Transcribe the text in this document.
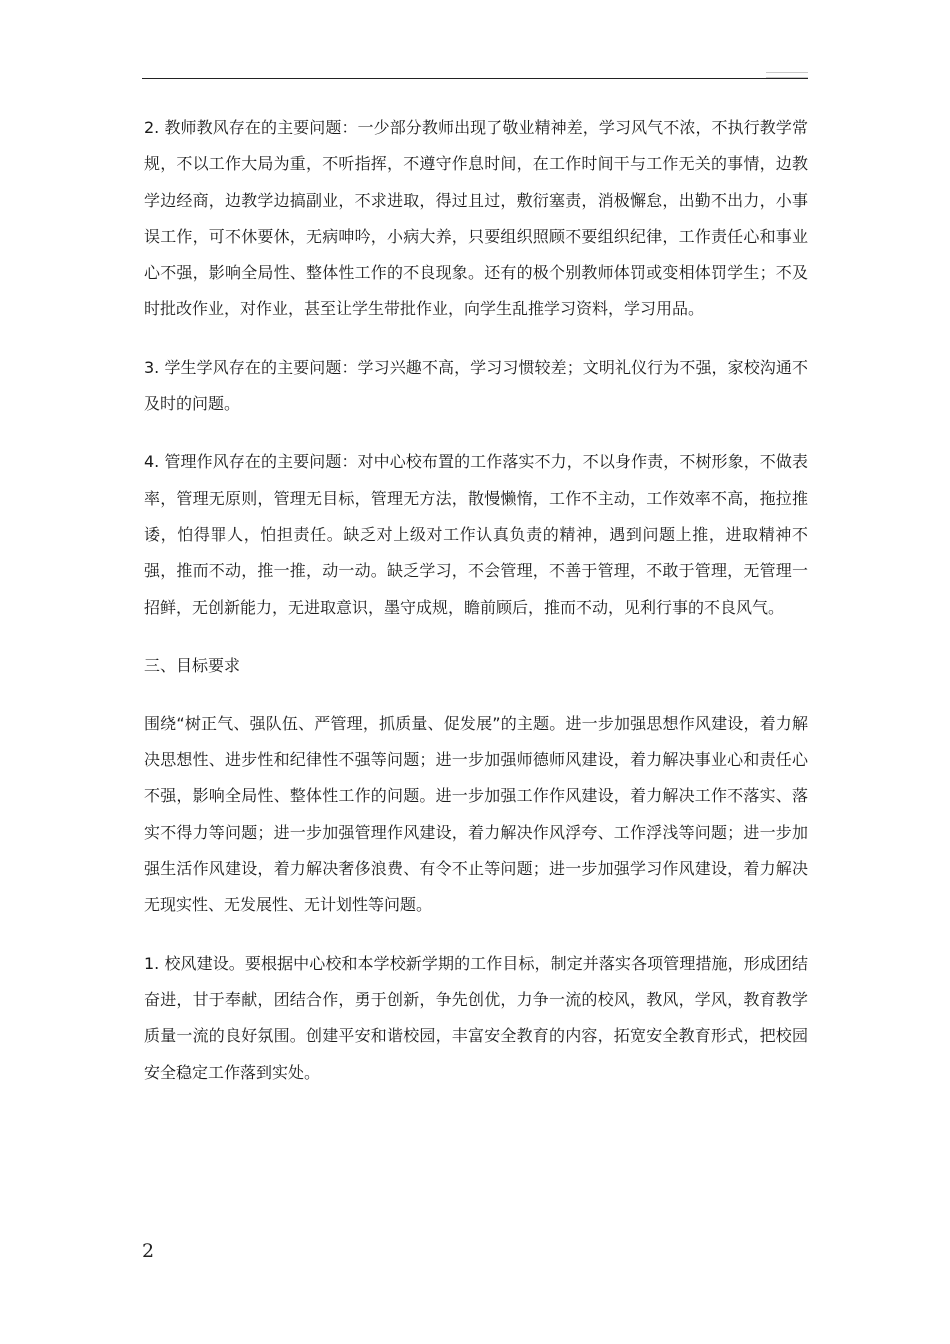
2. 教师教风存在的主要问题：一少部分教师出现了敬业精神差，学习风气不浓，不执行教学常规，不以工作大局为重，不听指挥，不遵守作息时间，在工作时间干与工作无关的事情，边教学边经商，边教学边搞副业，不求进取，得过且过，敷衍塞责，消极懈怠，出勤不出力，小事误工作，可不休要休，无病呻吟，小病大养，只要组织照顾不要组织纪律，工作责任心和事业心不强，影响全局性、整体性工作的不良现象。还有的极个别教师体罚或变相体罚学生；不及时批改作业，对作业，甚至让学生带批作业，向学生乱推学习资料，学习用品。

3. 学生学风存在的主要问题：学习兴趣不高，学习习惯较差；文明礼仪行为不强，家校沟通不及时的问题。

4. 管理作风存在的主要问题：对中心校布置的工作落实不力，不以身作责，不树形象，不做表率，管理无原则，管理无目标，管理无方法，散慢懒惰，工作不主动，工作效率不高，拖拉推诿，怕得罪人，怕担责任。缺乏对上级对工作认真负责的精神，遇到问题上推，进取精神不强，推而不动，推一推，动一动。缺乏学习，不会管理，不善于管理，不敢于管理，无管理一招鲜，无创新能力，无进取意识，墨守成规，瞻前顾后，推而不动，见利行事的不良风气。

三、目标要求

围绕“树正气、强队伍、严管理，抓质量、促发展”的主题。进一步加强思想作风建设，着力解决思想性、进步性和纪律性不强等问题；进一步加强师德师风建设，着力解决事业心和责任心不强，影响全局性、整体性工作的问题。进一步加强工作作风建设，着力解决工作不落实、落实不得力等问题；进一步加强管理作风建设，着力解决作风浮夸、工作浮浅等问题；进一步加强生活作风建设，着力解决奢侈浪费、有令不止等问题；进一步加强学习作风建设，着力解决无现实性、无发展性、无计划性等问题。

1. 校风建设。要根据中心校和本学校新学期的工作目标，制定并落实各项管理措施，形成团结奋进，甘于奉献，团结合作，勇于创新，争先创优，力争一流的校风，教风，学风，教育教学质量一流的良好氛围。创建平安和谐校园，丰富安全教育的内容，拓宽安全教育形式，把校园安全稳定工作落到实处。

2
